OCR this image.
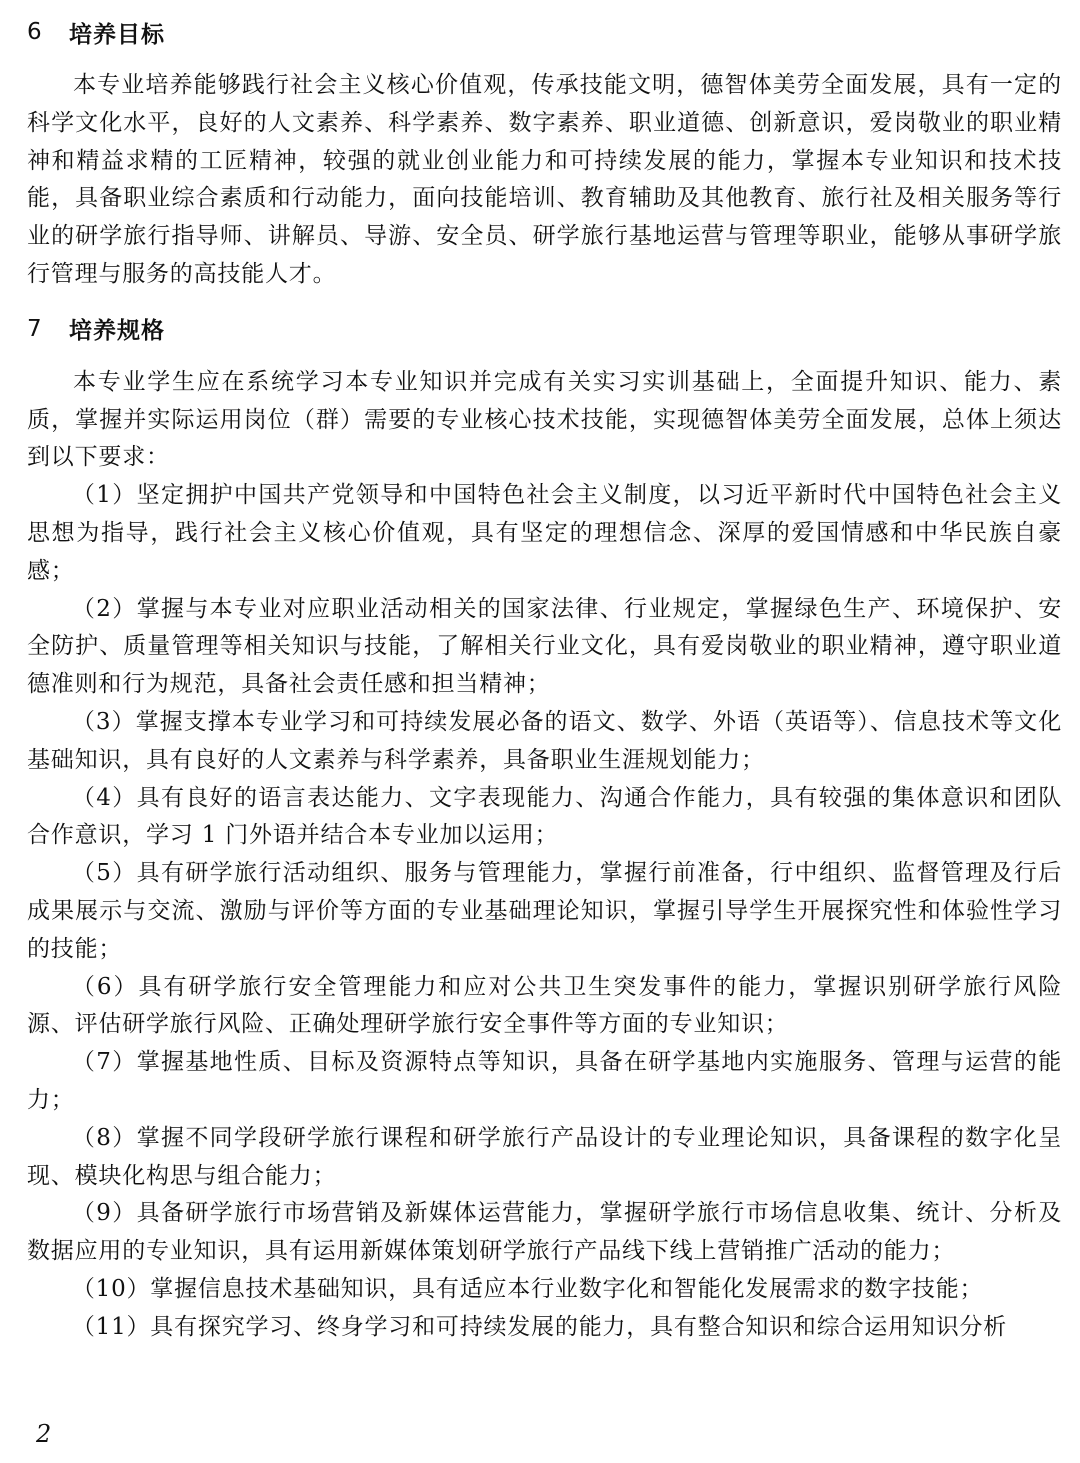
6	培养目标

本专业培养能够践行社会主义核心价值观，传承技能文明，德智体美劳全面发展，具有一定的科学文化水平，良好的人文素养、科学素养、数字素养、职业道德、创新意识，爱岗敬业的职业精神和精益求精的工匠精神，较强的就业创业能力和可持续发展的能力，掌握本专业知识和技术技能，具备职业综合素质和行动能力，面向技能培训、教育辅助及其他教育、旅行社及相关服务等行业的研学旅行指导师、讲解员、导游、安全员、研学旅行基地运营与管理等职业，能够从事研学旅行管理与服务的高技能人才。

7	培养规格

本专业学生应在系统学习本专业知识并完成有关实习实训基础上，全面提升知识、能力、素质，掌握并实际运用岗位（群）需要的专业核心技术技能，实现德智体美劳全面发展，总体上须达到以下要求：

（1）坚定拥护中国共产党领导和中国特色社会主义制度，以习近平新时代中国特色社会主义思想为指导，践行社会主义核心价值观，具有坚定的理想信念、深厚的爱国情感和中华民族自豪感；

（2）掌握与本专业对应职业活动相关的国家法律、行业规定，掌握绿色生产、环境保护、安全防护、质量管理等相关知识与技能，了解相关行业文化，具有爱岗敬业的职业精神，遵守职业道德准则和行为规范，具备社会责任感和担当精神；

（3）掌握支撑本专业学习和可持续发展必备的语文、数学、外语（英语等）、信息技术等文化基础知识，具有良好的人文素养与科学素养，具备职业生涯规划能力；

（4）具有良好的语言表达能力、文字表现能力、沟通合作能力，具有较强的集体意识和团队合作意识，学习 1 门外语并结合本专业加以运用；

（5）具有研学旅行活动组织、服务与管理能力，掌握行前准备，行中组织、监督管理及行后成果展示与交流、激励与评价等方面的专业基础理论知识，掌握引导学生开展探究性和体验性学习的技能；

（6）具有研学旅行安全管理能力和应对公共卫生突发事件的能力，掌握识别研学旅行风险源、评估研学旅行风险、正确处理研学旅行安全事件等方面的专业知识；

（7）掌握基地性质、目标及资源特点等知识，具备在研学基地内实施服务、管理与运营的能力；

（8）掌握不同学段研学旅行课程和研学旅行产品设计的专业理论知识，具备课程的数字化呈现、模块化构思与组合能力；

（9）具备研学旅行市场营销及新媒体运营能力，掌握研学旅行市场信息收集、统计、分析及数据应用的专业知识，具有运用新媒体策划研学旅行产品线下线上营销推广活动的能力；

（10）掌握信息技术基础知识，具有适应本行业数字化和智能化发展需求的数字技能；

（11）具有探究学习、终身学习和可持续发展的能力，具有整合知识和综合运用知识分析

2
